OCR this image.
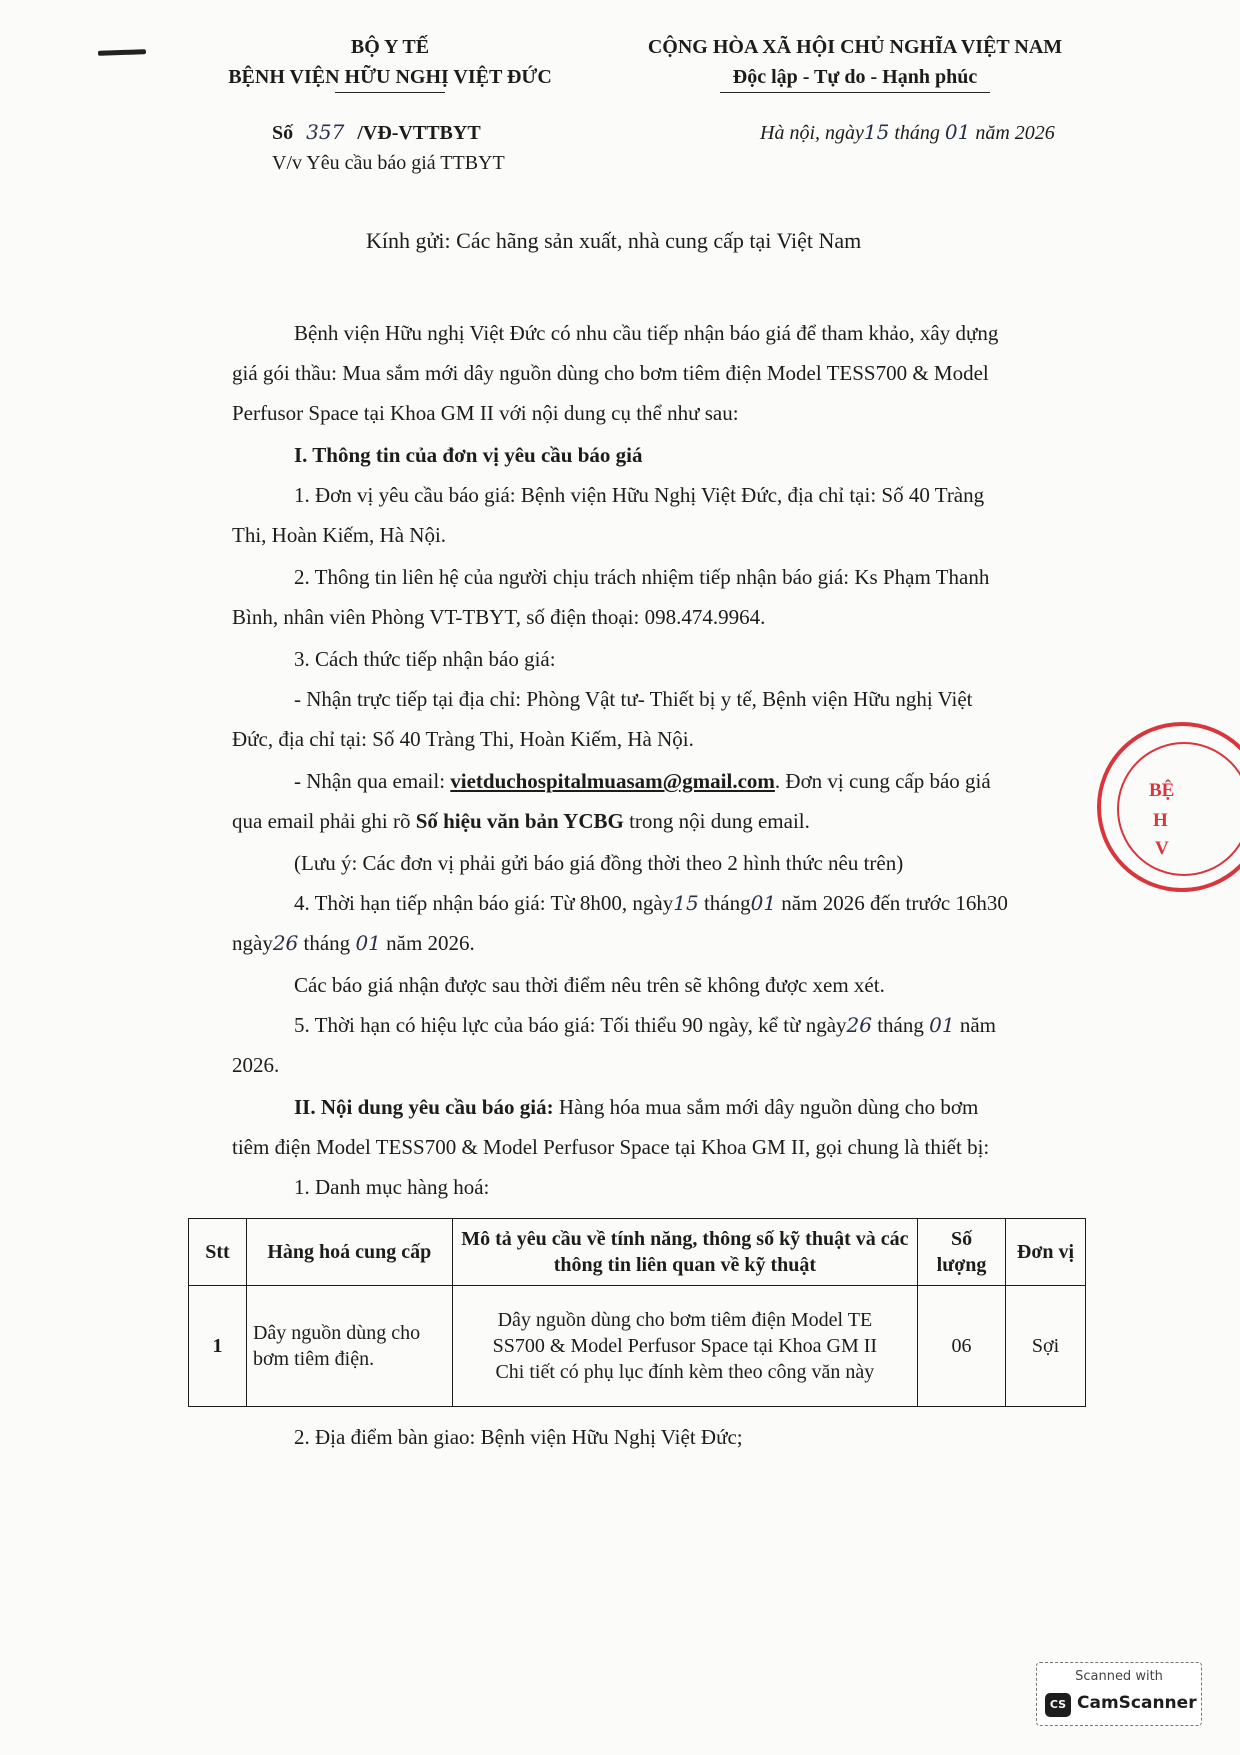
BỘ Y TẾ
BỆNH VIỆN HỮU NGHỊ VIỆT ĐỨC
CỘNG HÒA XÃ HỘI CHỦ NGHĨA VIỆT NAM
Độc lập - Tự do - Hạnh phúc
Số 357 /VĐ-VTTBYT
V/v Yêu cầu báo giá TTBYT
Hà nội, ngày15 tháng 01 năm 2026
Kính gửi: Các hãng sản xuất, nhà cung cấp tại Việt Nam
Bệnh viện Hữu nghị Việt Đức có nhu cầu tiếp nhận báo giá để tham khảo, xây dựng
giá gói thầu: Mua sắm mới dây nguồn dùng cho bơm tiêm điện Model TESS700 & Model
Perfusor Space tại Khoa GM II với nội dung cụ thể như sau:
I. Thông tin của đơn vị yêu cầu báo giá
1. Đơn vị yêu cầu báo giá: Bệnh viện Hữu Nghị Việt Đức, địa chỉ tại: Số 40 Tràng
Thi, Hoàn Kiếm, Hà Nội.
2. Thông tin liên hệ của người chịu trách nhiệm tiếp nhận báo giá: Ks Phạm Thanh
Bình, nhân viên Phòng VT-TBYT, số điện thoại: 098.474.9964.
3. Cách thức tiếp nhận báo giá:
- Nhận trực tiếp tại địa chỉ: Phòng Vật tư- Thiết bị y tế, Bệnh viện Hữu nghị Việt
Đức, địa chỉ tại: Số 40 Tràng Thi, Hoàn Kiếm, Hà Nội.
- Nhận qua email: vietduchospitalmuasam@gmail.com. Đơn vị cung cấp báo giá
qua email phải ghi rõ Số hiệu văn bản YCBG trong nội dung email.
(Lưu ý: Các đơn vị phải gửi báo giá đồng thời theo 2 hình thức nêu trên)
4. Thời hạn tiếp nhận báo giá: Từ 8h00, ngày15 tháng01 năm 2026 đến trước 16h30
ngày26 tháng 01 năm 2026.
Các báo giá nhận được sau thời điểm nêu trên sẽ không được xem xét.
5. Thời hạn có hiệu lực của báo giá: Tối thiểu 90 ngày, kể từ ngày26 tháng 01 năm
2026.
II. Nội dung yêu cầu báo giá: Hàng hóa mua sắm mới dây nguồn dùng cho bơm
tiêm điện Model TESS700 & Model Perfusor Space tại Khoa GM II, gọi chung là thiết bị:
1. Danh mục hàng hoá:
Stt	Hàng hoá cung cấp	Mô tả yêu cầu về tính năng, thông số kỹ thuật và các thông tin liên quan về kỹ thuật	Số lượng	Đơn vị
1	Dây nguồn dùng cho bơm tiêm điện.	Dây nguồn dùng cho bơm tiêm điện Model TE
SS700 & Model Perfusor Space tại Khoa GM II
Chi tiết có phụ lục đính kèm theo công văn này	06	Sợi
2. Địa điểm bàn giao: Bệnh viện Hữu Nghị Việt Đức;
BỆ
H
V
Scanned with
CS CamScanner
